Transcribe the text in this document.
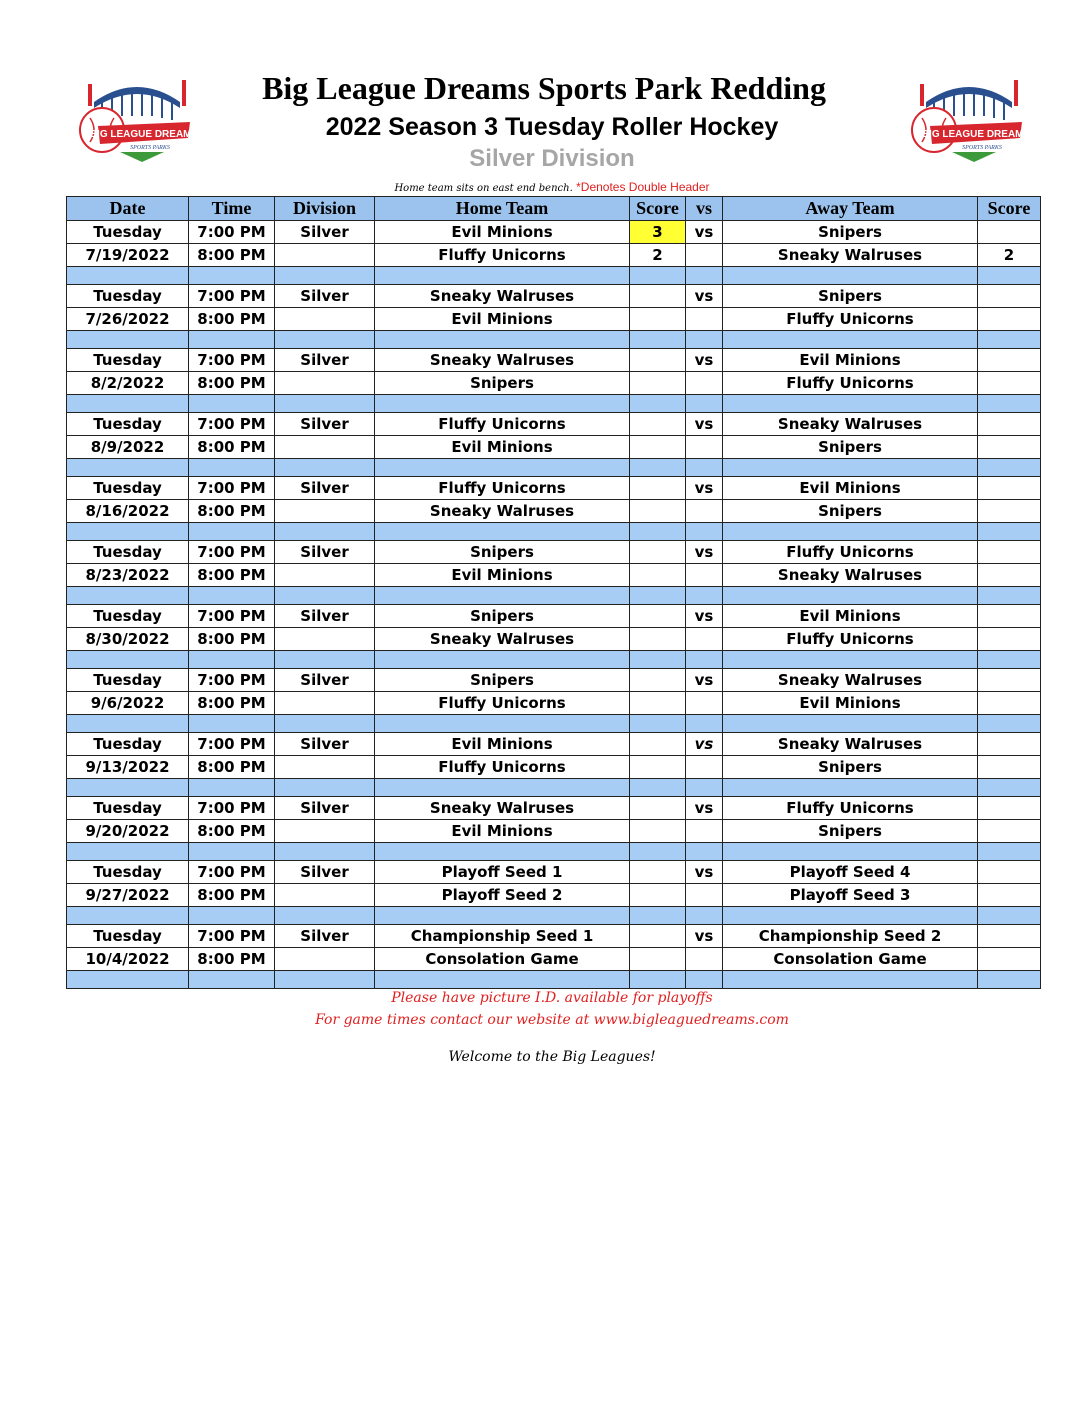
BIG LEAGUE DREAMS
SPORTS PARKS
BIG LEAGUE DREAMS
SPORTS PARKS
Big League Dreams Sports Park Redding
2022 Season 3 Tuesday Roller Hockey
Silver Division
Home team sits on east end bench. *Denotes Double Header
Date	Time	Division	Home Team	Score	vs	Away Team	Score
Tuesday	7:00 PM	Silver	Evil Minions	3	vs	Snipers	
7/19/2022	8:00 PM		Fluffy Unicorns	2		Sneaky Walruses	2

Tuesday	7:00 PM	Silver	Sneaky Walruses		vs	Snipers	
7/26/2022	8:00 PM		Evil Minions			Fluffy Unicorns	

Tuesday	7:00 PM	Silver	Sneaky Walruses		vs	Evil Minions	
8/2/2022	8:00 PM		Snipers			Fluffy Unicorns	

Tuesday	7:00 PM	Silver	Fluffy Unicorns		vs	Sneaky Walruses	
8/9/2022	8:00 PM		Evil Minions			Snipers	

Tuesday	7:00 PM	Silver	Fluffy Unicorns		vs	Evil Minions	
8/16/2022	8:00 PM		Sneaky Walruses			Snipers	

Tuesday	7:00 PM	Silver	Snipers		vs	Fluffy Unicorns	
8/23/2022	8:00 PM		Evil Minions			Sneaky Walruses	

Tuesday	7:00 PM	Silver	Snipers		vs	Evil Minions	
8/30/2022	8:00 PM		Sneaky Walruses			Fluffy Unicorns	

Tuesday	7:00 PM	Silver	Snipers		vs	Sneaky Walruses	
9/6/2022	8:00 PM		Fluffy Unicorns			Evil Minions	

Tuesday	7:00 PM	Silver	Evil Minions		vs	Sneaky Walruses	
9/13/2022	8:00 PM		Fluffy Unicorns			Snipers	

Tuesday	7:00 PM	Silver	Sneaky Walruses		vs	Fluffy Unicorns	
9/20/2022	8:00 PM		Evil Minions			Snipers	

Tuesday	7:00 PM	Silver	Playoff Seed 1		vs	Playoff Seed 4	
9/27/2022	8:00 PM		Playoff Seed 2			Playoff Seed 3	

Tuesday	7:00 PM	Silver	Championship Seed 1		vs	Championship Seed 2	
10/4/2022	8:00 PM		Consolation Game			Consolation Game	

Please have picture I.D. available for playoffs
For game times contact our website at www.bigleaguedreams.com
Welcome to the Big Leagues!
